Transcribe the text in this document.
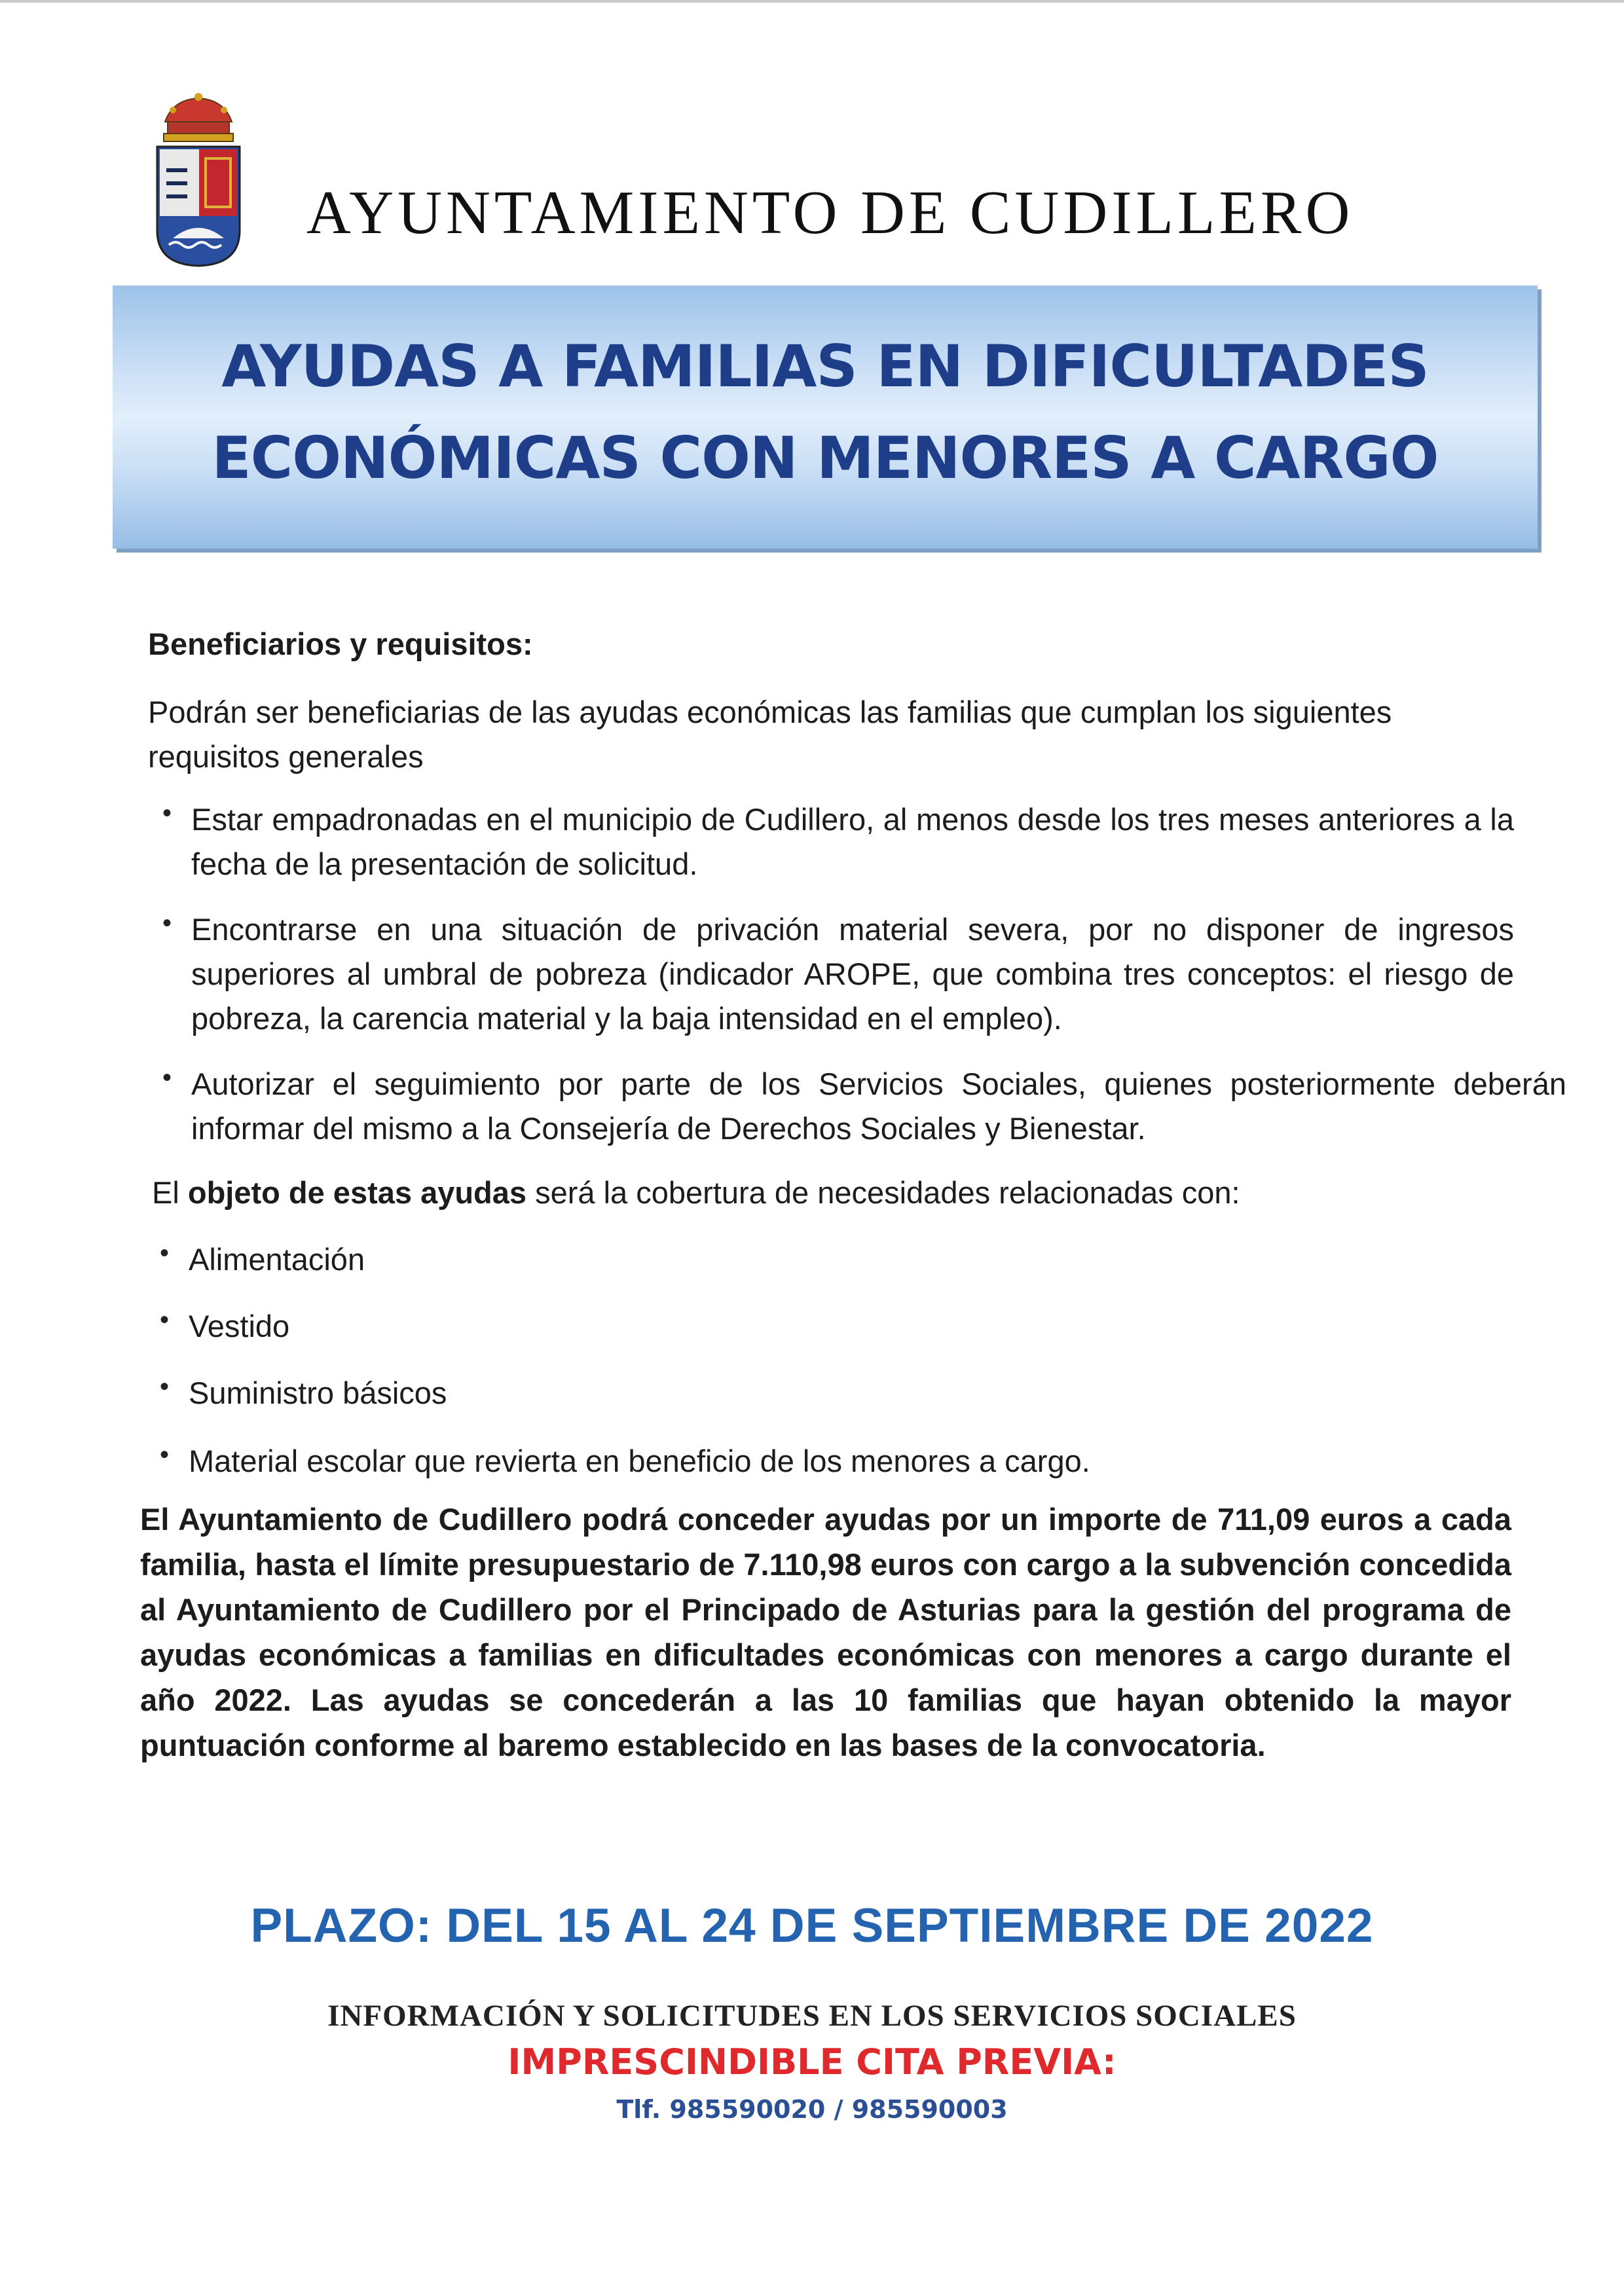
AYUNTAMIENTO DE CUDILLERO
AYUDAS A FAMILIAS EN DIFICULTADES
ECONÓMICAS CON MENORES A CARGO
Beneficiarios y requisitos:
Podrán ser beneficiarias de las ayudas económicas las familias que cumplan los siguientes requisitos generales
• Estar empadronadas en el municipio de Cudillero, al menos desde los tres meses anteriores a la fecha de la presentación de solicitud.
• Encontrarse en una situación de privación material severa, por no disponer de ingresos superiores al umbral de pobreza (indicador AROPE, que combina tres conceptos: el riesgo de pobreza, la carencia material y la baja intensidad en el empleo).
• Autorizar el seguimiento por parte de los Servicios Sociales, quienes posteriormente deberán informar del mismo a la Consejería de Derechos Sociales y Bienestar.
El objeto de estas ayudas será la cobertura de necesidades relacionadas con:
• Alimentación
• Vestido
• Suministro básicos
• Material escolar que revierta en beneficio de los menores a cargo.
El Ayuntamiento de Cudillero podrá conceder ayudas por un importe de 711,09 euros a cada familia, hasta el límite presupuestario de 7.110,98 euros con cargo a la subvención concedida al Ayuntamiento de Cudillero por el Principado de Asturias para la gestión del programa de ayudas económicas a familias en dificultades económicas con menores a cargo durante el año 2022. Las ayudas se concederán a las 10 familias que hayan obtenido la mayor puntuación conforme al baremo establecido en las bases de la convocatoria.
PLAZO: DEL 15 AL 24 DE SEPTIEMBRE DE 2022
INFORMACIÓN Y SOLICITUDES EN LOS SERVICIOS SOCIALES
IMPRESCINDIBLE CITA PREVIA:
Tlf. 985590020 / 985590003
